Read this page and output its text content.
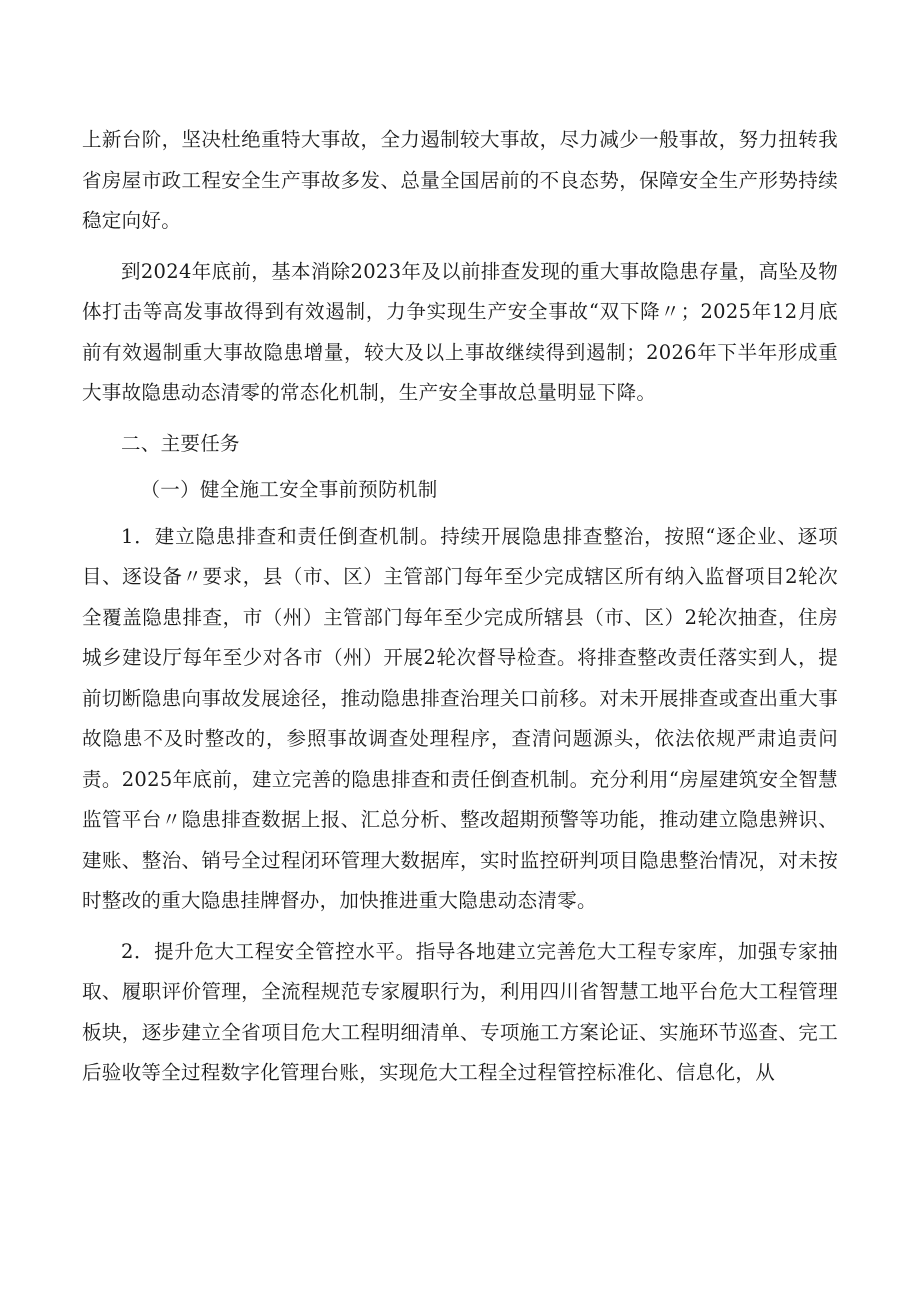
上新台阶，坚决杜绝重特大事故，全力遏制较大事故，尽力减少一般事故，努力扭转我省房屋市政工程安全生产事故多发、总量全国居前的不良态势，保障安全生产形势持续稳定向好。

到2024年底前，基本消除2023年及以前排查发现的重大事故隐患存量，高坠及物体打击等高发事故得到有效遏制，力争实现生产安全事故“双下降〃；2025年12月底前有效遏制重大事故隐患增量，较大及以上事故继续得到遏制；2026年下半年形成重大事故隐患动态清零的常态化机制，生产安全事故总量明显下降。

二、主要任务

（一）健全施工安全事前预防机制

1．建立隐患排查和责任倒查机制。持续开展隐患排查整治，按照“逐企业、逐项目、逐设备〃要求，县（市、区）主管部门每年至少完成辖区所有纳入监督项目2轮次全覆盖隐患排查，市（州）主管部门每年至少完成所辖县（市、区）2轮次抽查，住房城乡建设厅每年至少对各市（州）开展2轮次督导检查。将排查整改责任落实到人，提前切断隐患向事故发展途径，推动隐患排查治理关口前移。对未开展排查或查出重大事故隐患不及时整改的，参照事故调查处理程序，查清问题源头，依法依规严肃追责问责。2025年底前，建立完善的隐患排查和责任倒查机制。充分利用“房屋建筑安全智慧监管平台〃隐患排查数据上报、汇总分析、整改超期预警等功能，推动建立隐患辨识、建账、整治、销号全过程闭环管理大数据库，实时监控研判项目隐患整治情况，对未按时整改的重大隐患挂牌督办，加快推进重大隐患动态清零。

2．提升危大工程安全管控水平。指导各地建立完善危大工程专家库，加强专家抽取、履职评价管理，全流程规范专家履职行为，利用四川省智慧工地平台危大工程管理板块，逐步建立全省项目危大工程明细清单、专项施工方案论证、实施环节巡查、完工后验收等全过程数字化管理台账，实现危大工程全过程管控标准化、信息化，从
